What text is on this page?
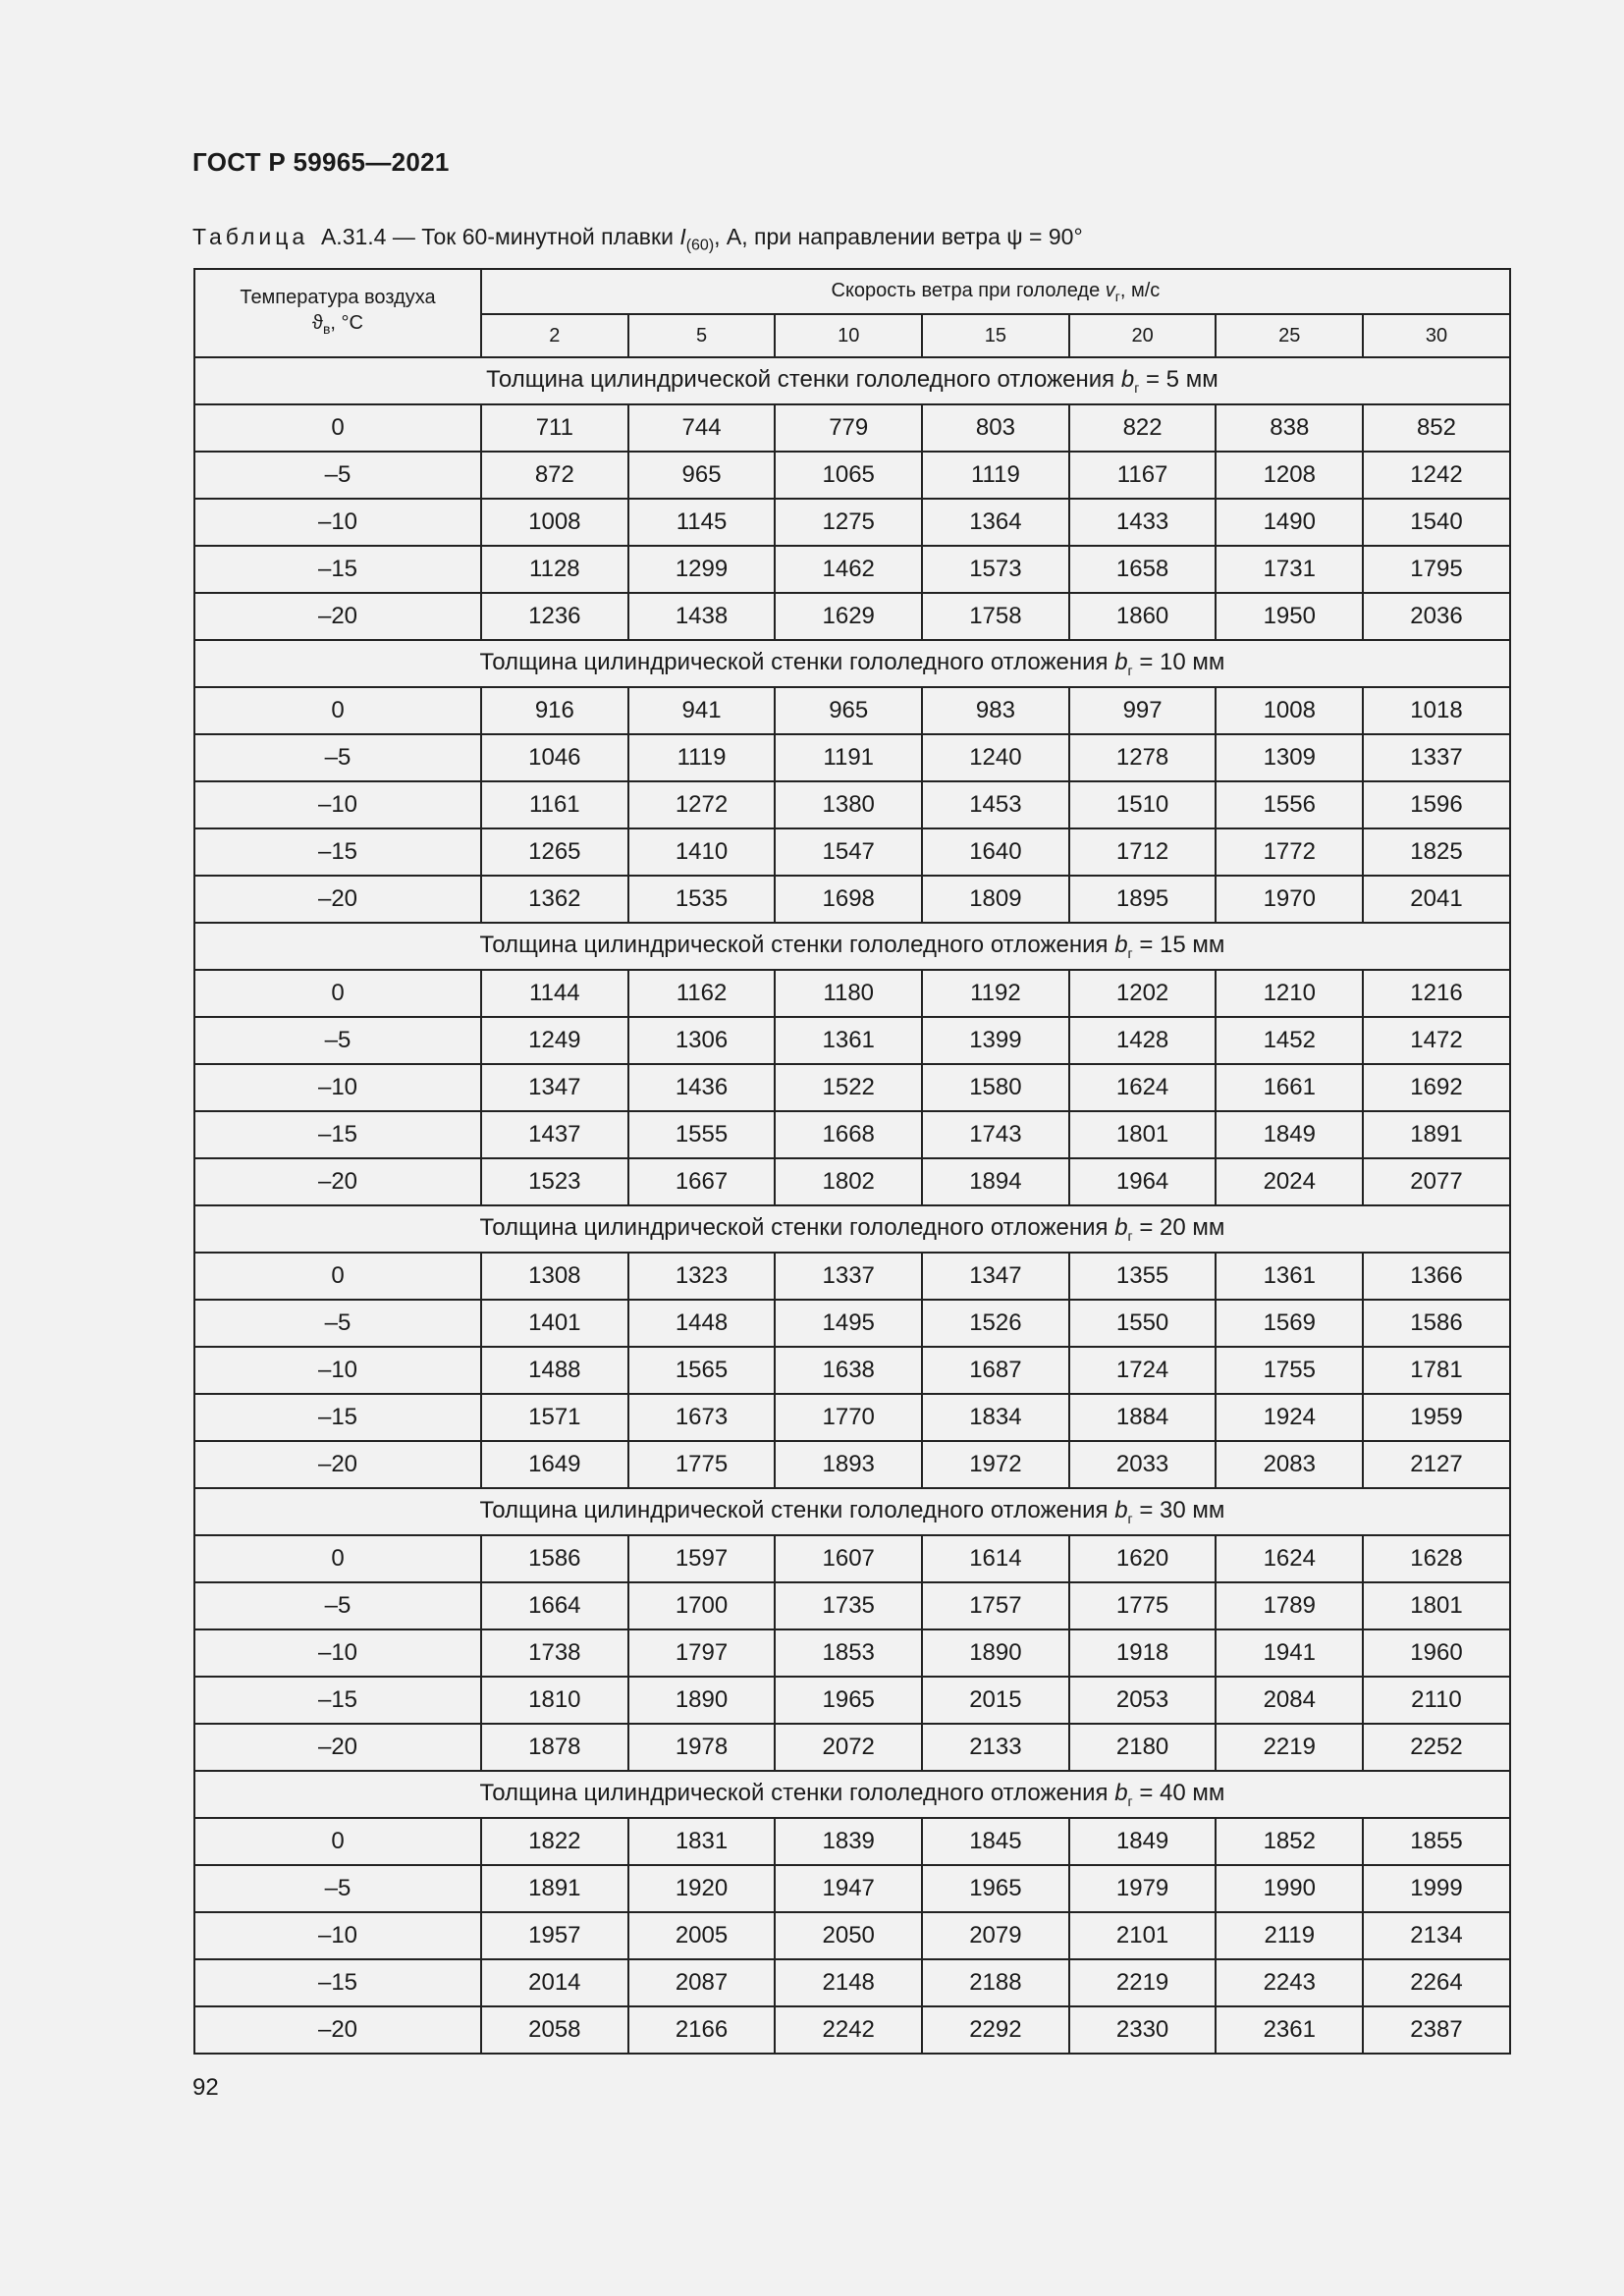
ГОСТ Р 59965—2021
Таблица А.31.4 — Ток 60-минутной плавки $I_{(60)}$, А, при направлении ветра ψ = 90°
Температура воздуха
$ϑ_в$, °С	Скорость ветра при гололеде $v_г$, м/с						
	2	5	10	15	20	25	30
Толщина цилиндрической стенки гололедного отложения $b_г = 5$ мм							
0	711	744	779	803	822	838	852
–5	872	965	1065	1119	1167	1208	1242
–10	1008	1145	1275	1364	1433	1490	1540
–15	1128	1299	1462	1573	1658	1731	1795
–20	1236	1438	1629	1758	1860	1950	2036
Толщина цилиндрической стенки гололедного отложения $b_г = 10$ мм							
0	916	941	965	983	997	1008	1018
–5	1046	1119	1191	1240	1278	1309	1337
–10	1161	1272	1380	1453	1510	1556	1596
–15	1265	1410	1547	1640	1712	1772	1825
–20	1362	1535	1698	1809	1895	1970	2041
Толщина цилиндрической стенки гололедного отложения $b_г = 15$ мм							
0	1144	1162	1180	1192	1202	1210	1216
–5	1249	1306	1361	1399	1428	1452	1472
–10	1347	1436	1522	1580	1624	1661	1692
–15	1437	1555	1668	1743	1801	1849	1891
–20	1523	1667	1802	1894	1964	2024	2077
Толщина цилиндрической стенки гололедного отложения $b_г = 20$ мм							
0	1308	1323	1337	1347	1355	1361	1366
–5	1401	1448	1495	1526	1550	1569	1586
–10	1488	1565	1638	1687	1724	1755	1781
–15	1571	1673	1770	1834	1884	1924	1959
–20	1649	1775	1893	1972	2033	2083	2127
Толщина цилиндрической стенки гололедного отложения $b_г = 30$ мм							
0	1586	1597	1607	1614	1620	1624	1628
–5	1664	1700	1735	1757	1775	1789	1801
–10	1738	1797	1853	1890	1918	1941	1960
–15	1810	1890	1965	2015	2053	2084	2110
–20	1878	1978	2072	2133	2180	2219	2252
Толщина цилиндрической стенки гололедного отложения $b_г = 40$ мм							
0	1822	1831	1839	1845	1849	1852	1855
–5	1891	1920	1947	1965	1979	1990	1999
–10	1957	2005	2050	2079	2101	2119	2134
–15	2014	2087	2148	2188	2219	2243	2264
–20	2058	2166	2242	2292	2330	2361	2387
92
